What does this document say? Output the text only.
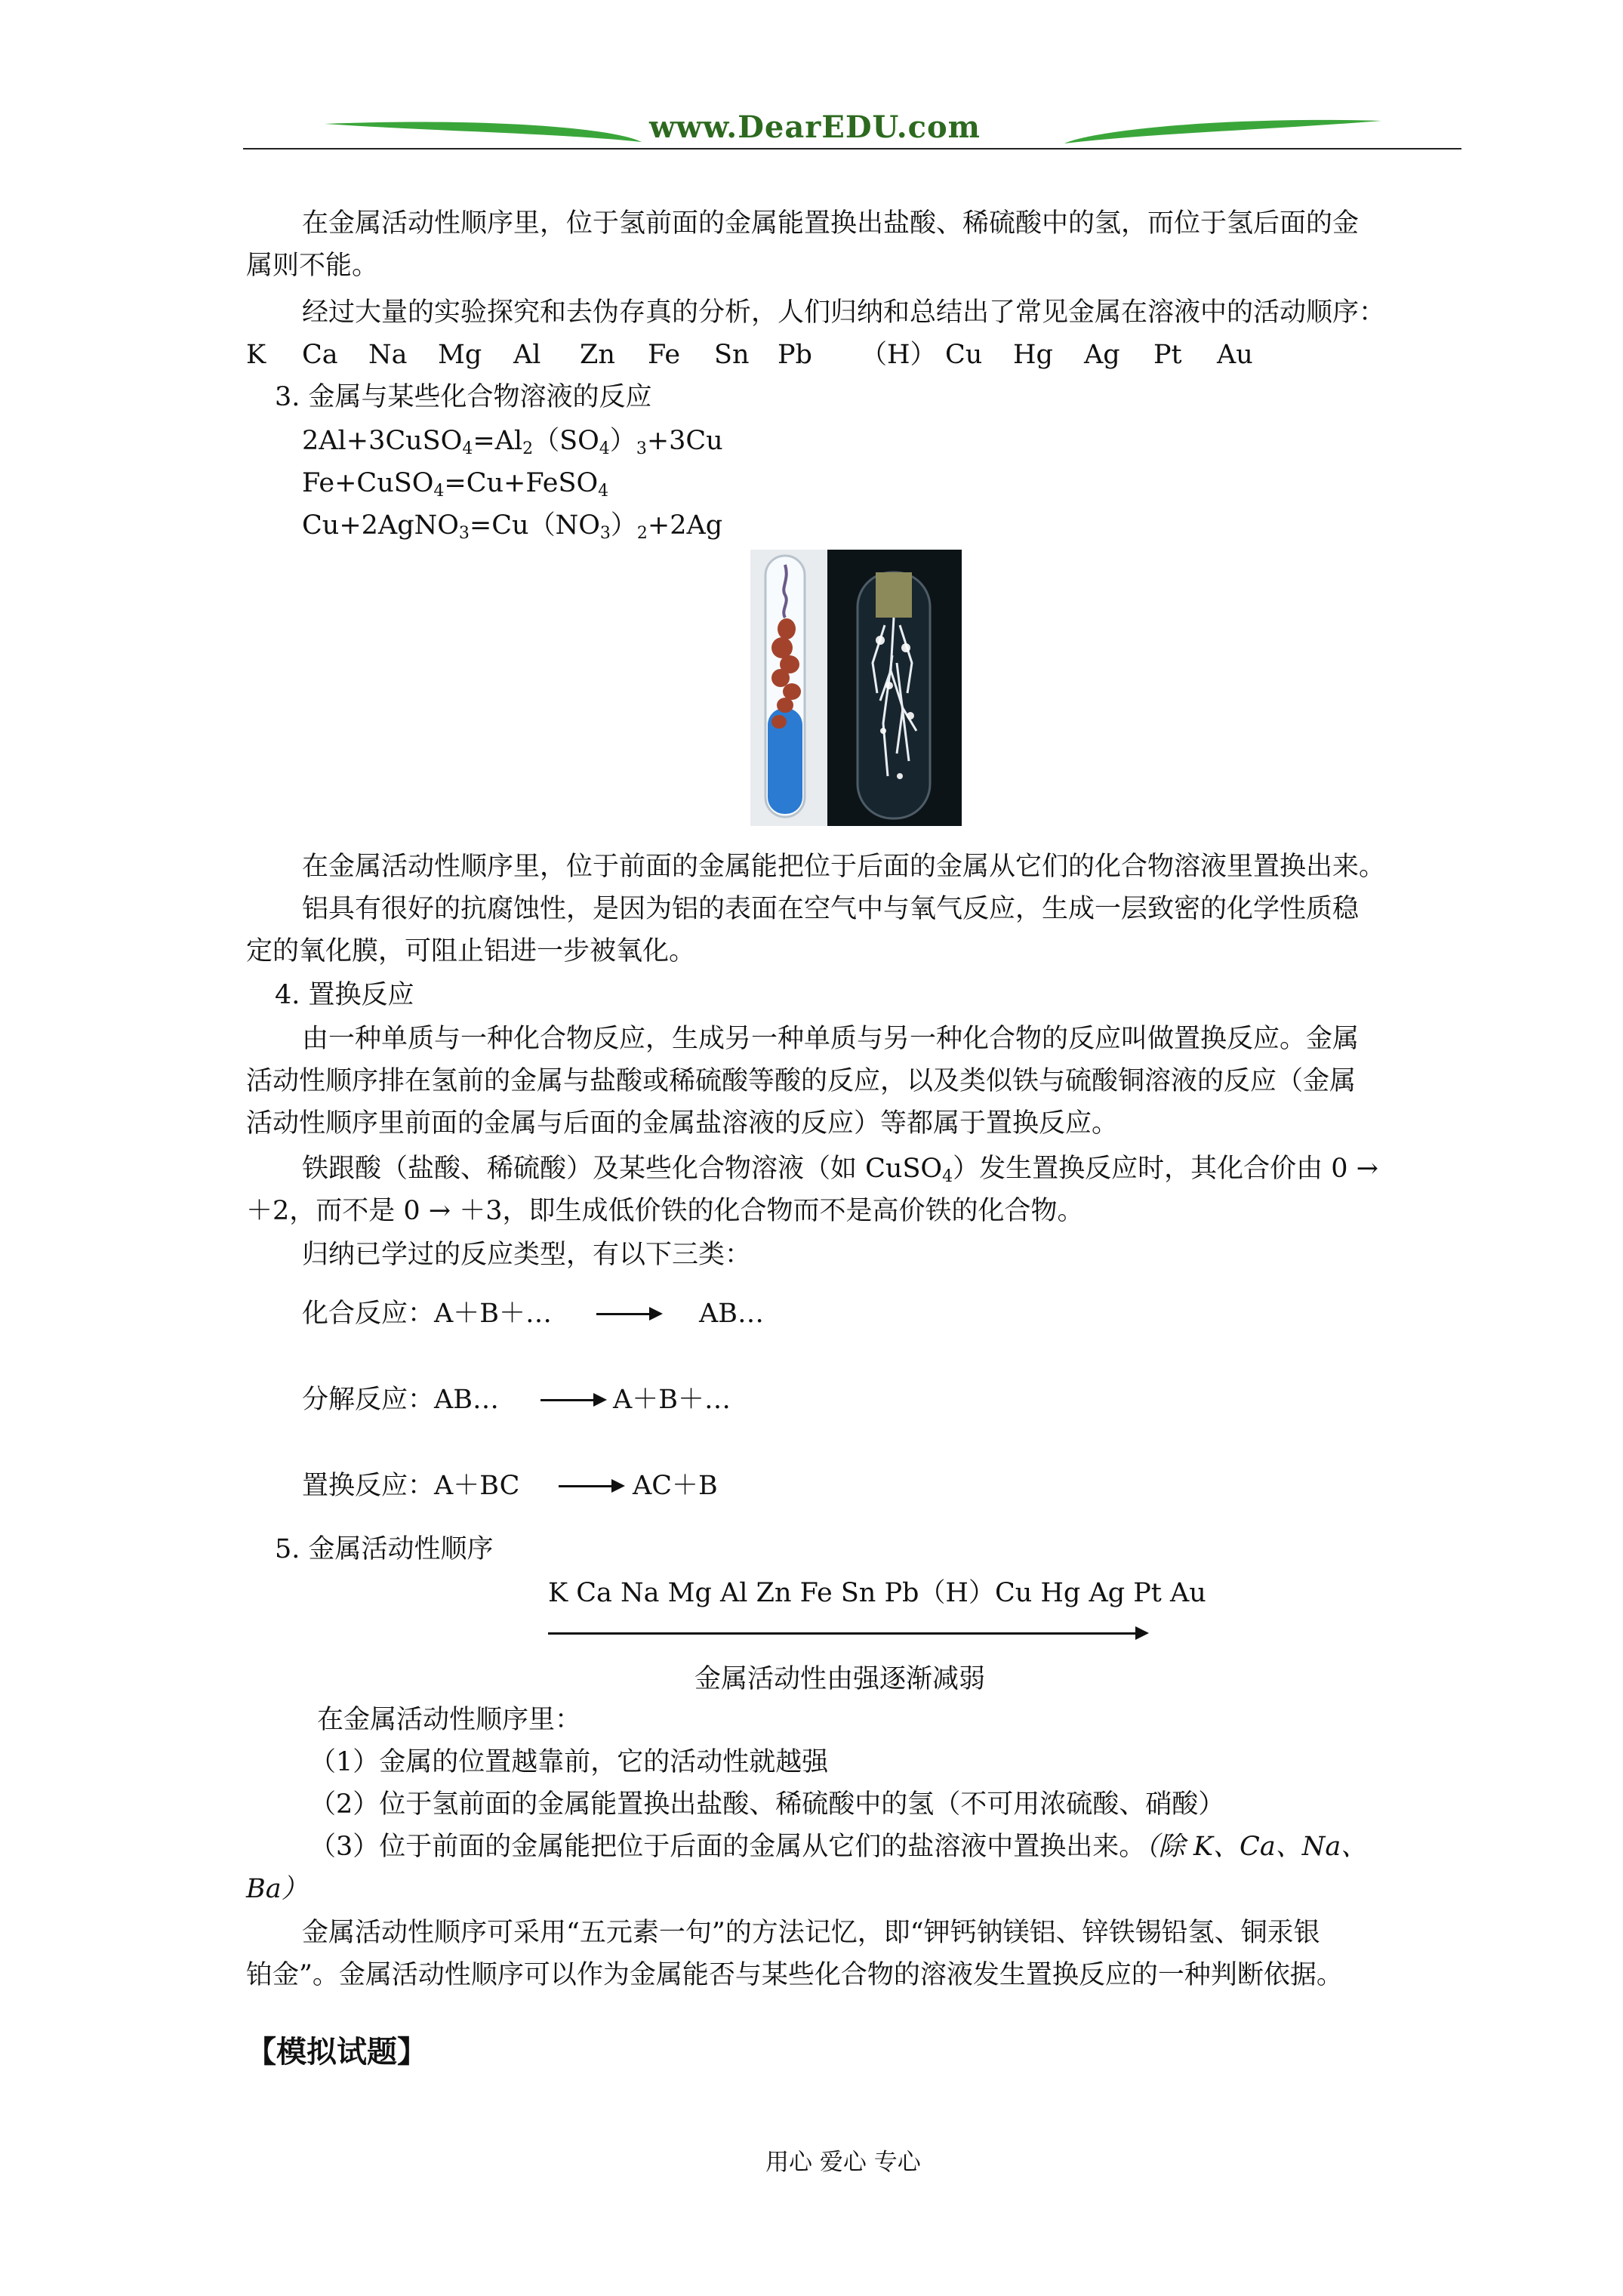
www.DearEDU.com
在金属活动性顺序里，位于氢前面的金属能置换出盐酸、稀硫酸中的氢，而位于氢后面的金
属则不能。
经过大量的实验探究和去伪存真的分析，人们归纳和总结出了常见金属在溶液中的活动顺序：
K Ca Na Mg Al Zn Fe Sn Pb （H） Cu Hg Ag Pt Au
3. 金属与某些化合物溶液的反应
$2Al+3CuSO_4=Al_2(SO_4)_3+3Cu$
Fe+CuSO$_4$=Cu+FeSO$_4$
$Cu+2AgNO_3=Cu(NO_3)_2+2Ag$
在金属活动性顺序里，位于前面的金属能把位于后面的金属从它们的化合物溶液里置换出来。
铝具有很好的抗腐蚀性，是因为铝的表面在空气中与氧气反应，生成一层致密的化学性质稳
定的氧化膜，可阻止铝进一步被氧化。
4. 置换反应
由一种单质与一种化合物反应，生成另一种单质与另一种化合物的反应叫做置换反应。金属
活动性顺序排在氢前的金属与盐酸或稀硫酸等酸的反应，以及类似铁与硫酸铜溶液的反应（金属
活动性顺序里前面的金属与后面的金属盐溶液的反应）等都属于置换反应。
铁跟酸（盐酸、稀硫酸）及某些化合物溶液（如 CuSO$_4$）发生置换反应时，其化合价由 0 →
＋2，而不是 0 → ＋3，即生成低价铁的化合物而不是高价铁的化合物。
归纳已学过的反应类型，有以下三类：
化合反应：A＋B＋…	AB…
分解反应：AB…	A＋B＋…
置换反应：A＋BC	AC＋B
5. 金属活动性顺序
K Ca Na Mg Al Zn Fe Sn Pb（H）Cu Hg Ag Pt Au
金属活动性由强逐渐减弱
在金属活动性顺序里：
（1）金属的位置越靠前，它的活动性就越强
（2）位于氢前面的金属能置换出盐酸、稀硫酸中的氢（不可用浓硫酸、硝酸）
（3）位于前面的金属能把位于后面的金属从它们的盐溶液中置换出来。（除 K、Ca、Na、
Ba）
金属活动性顺序可采用“五元素一句”的方法记忆，即“钾钙钠镁铝、锌铁锡铅氢、铜汞银
铂金”。金属活动性顺序可以作为金属能否与某些化合物的溶液发生置换反应的一种判断依据。
【模拟试题】
用心 爱心 专心
